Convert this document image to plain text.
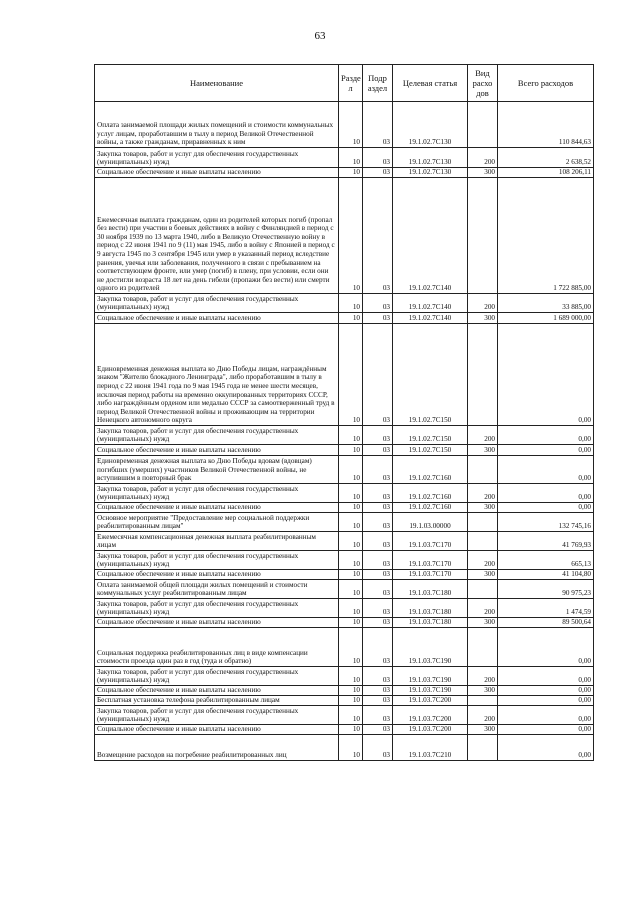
63
Наименование	Разде л	Подр аздел	Целевая статья	Вид расхо дов	Всего расходов
Оплата занимаемой площади жилых помещений и стоимости коммунальных услуг лицам, проработавшим в тылу в период Великой Отечественной войны, а также гражданам, приравненных к ним	10	03	19.1.02.7С130		110 844,63
Закупка товаров, работ и услуг для обеспечения государственных (муниципальных) нужд	10	03	19.1.02.7С130	200	2 638,52
Социальное обеспечение и иные выплаты населению	10	03	19.1.02.7С130	300	108 206,11
Ежемесячная выплата гражданам, один из родителей которых погиб (пропал без вести) при участии в боевых действиях в войну с Финляндией в период с 30 ноября 1939 по 13 марта 1940, либо в Великую Отечественную войну в период с 22 июня 1941 по 9 (11) мая 1945, либо в войну с Японией в период с 9 августа 1945 по 3 сентября 1945 или умер в указанный период вследствие ранения, увечья или заболевания, полученного в связи с пребыванием на соответствующем фронте, или умер (погиб) в плену, при условии, если они не достигли возраста 18 лет на день гибели (пропажи без вести) или смерти одного из родителей	10	03	19.1.02.7С140		1 722 885,00
Закупка товаров, работ и услуг для обеспечения государственных (муниципальных) нужд	10	03	19.1.02.7С140	200	33 885,00
Социальное обеспечение и иные выплаты населению	10	03	19.1.02.7С140	300	1 689 000,00
Единовременная денежная выплата ко Дню Победы лицам, награждённым знаком "Жителю блокадного Ленинграда", либо проработавшим в тылу в период с 22 июня 1941 года по 9 мая 1945 года не менее шести месяцев, исключая период работы на временно оккупированных территориях СССР, либо награждённым орденом или медалью СССР за самоотверженный труд в период Великой Отечественной войны и проживающим на территории Ненецкого автономного округа	10	03	19.1.02.7С150		0,00
Закупка товаров, работ и услуг для обеспечения государственных (муниципальных) нужд	10	03	19.1.02.7С150	200	0,00
Социальное обеспечение и иные выплаты населению	10	03	19.1.02.7С150	300	0,00
Единовременная денежная выплата ко Дню Победы вдовам (вдовцам) погибших (умерших) участников Великой Отечественной войны, не вступившим в повторный брак	10	03	19.1.02.7С160		0,00
Закупка товаров, работ и услуг для обеспечения государственных (муниципальных) нужд	10	03	19.1.02.7С160	200	0,00
Социальное обеспечение и иные выплаты населению	10	03	19.1.02.7С160	300	0,00
Основное мероприятие "Предоставление мер социальной поддержки реабилитированным лицам"	10	03	19.1.03.00000		132 745,16
Ежемесячная компенсационная денежная выплата реабилитированным лицам	10	03	19.1.03.7С170		41 769,93
Закупка товаров, работ и услуг для обеспечения государственных (муниципальных) нужд	10	03	19.1.03.7С170	200	665,13
Социальное обеспечение и иные выплаты населению	10	03	19.1.03.7С170	300	41 104,80
Оплата занимаемой общей площади жилых помещений и стоимости коммунальных услуг реабилитированным лицам	10	03	19.1.03.7С180		90 975,23
Закупка товаров, работ и услуг для обеспечения государственных (муниципальных) нужд	10	03	19.1.03.7С180	200	1 474,59
Социальное обеспечение и иные выплаты населению	10	03	19.1.03.7С180	300	89 500,64
Социальная поддержка реабилитированных лиц в виде компенсации стоимости проезда один раз в год (туда и обратно)	10	03	19.1.03.7С190		0,00
Закупка товаров, работ и услуг для обеспечения государственных (муниципальных) нужд	10	03	19.1.03.7С190	200	0,00
Социальное обеспечение и иные выплаты населению	10	03	19.1.03.7С190	300	0,00
Бесплатная установка телефона реабилитированным лицам	10	03	19.1.03.7С200		0,00
Закупка товаров, работ и услуг для обеспечения государственных (муниципальных) нужд	10	03	19.1.03.7С200	200	0,00
Социальное обеспечение и иные выплаты населению	10	03	19.1.03.7С200	300	0,00
Возмещение расходов на погребение реабилитированных лиц	10	03	19.1.03.7С210		0,00
